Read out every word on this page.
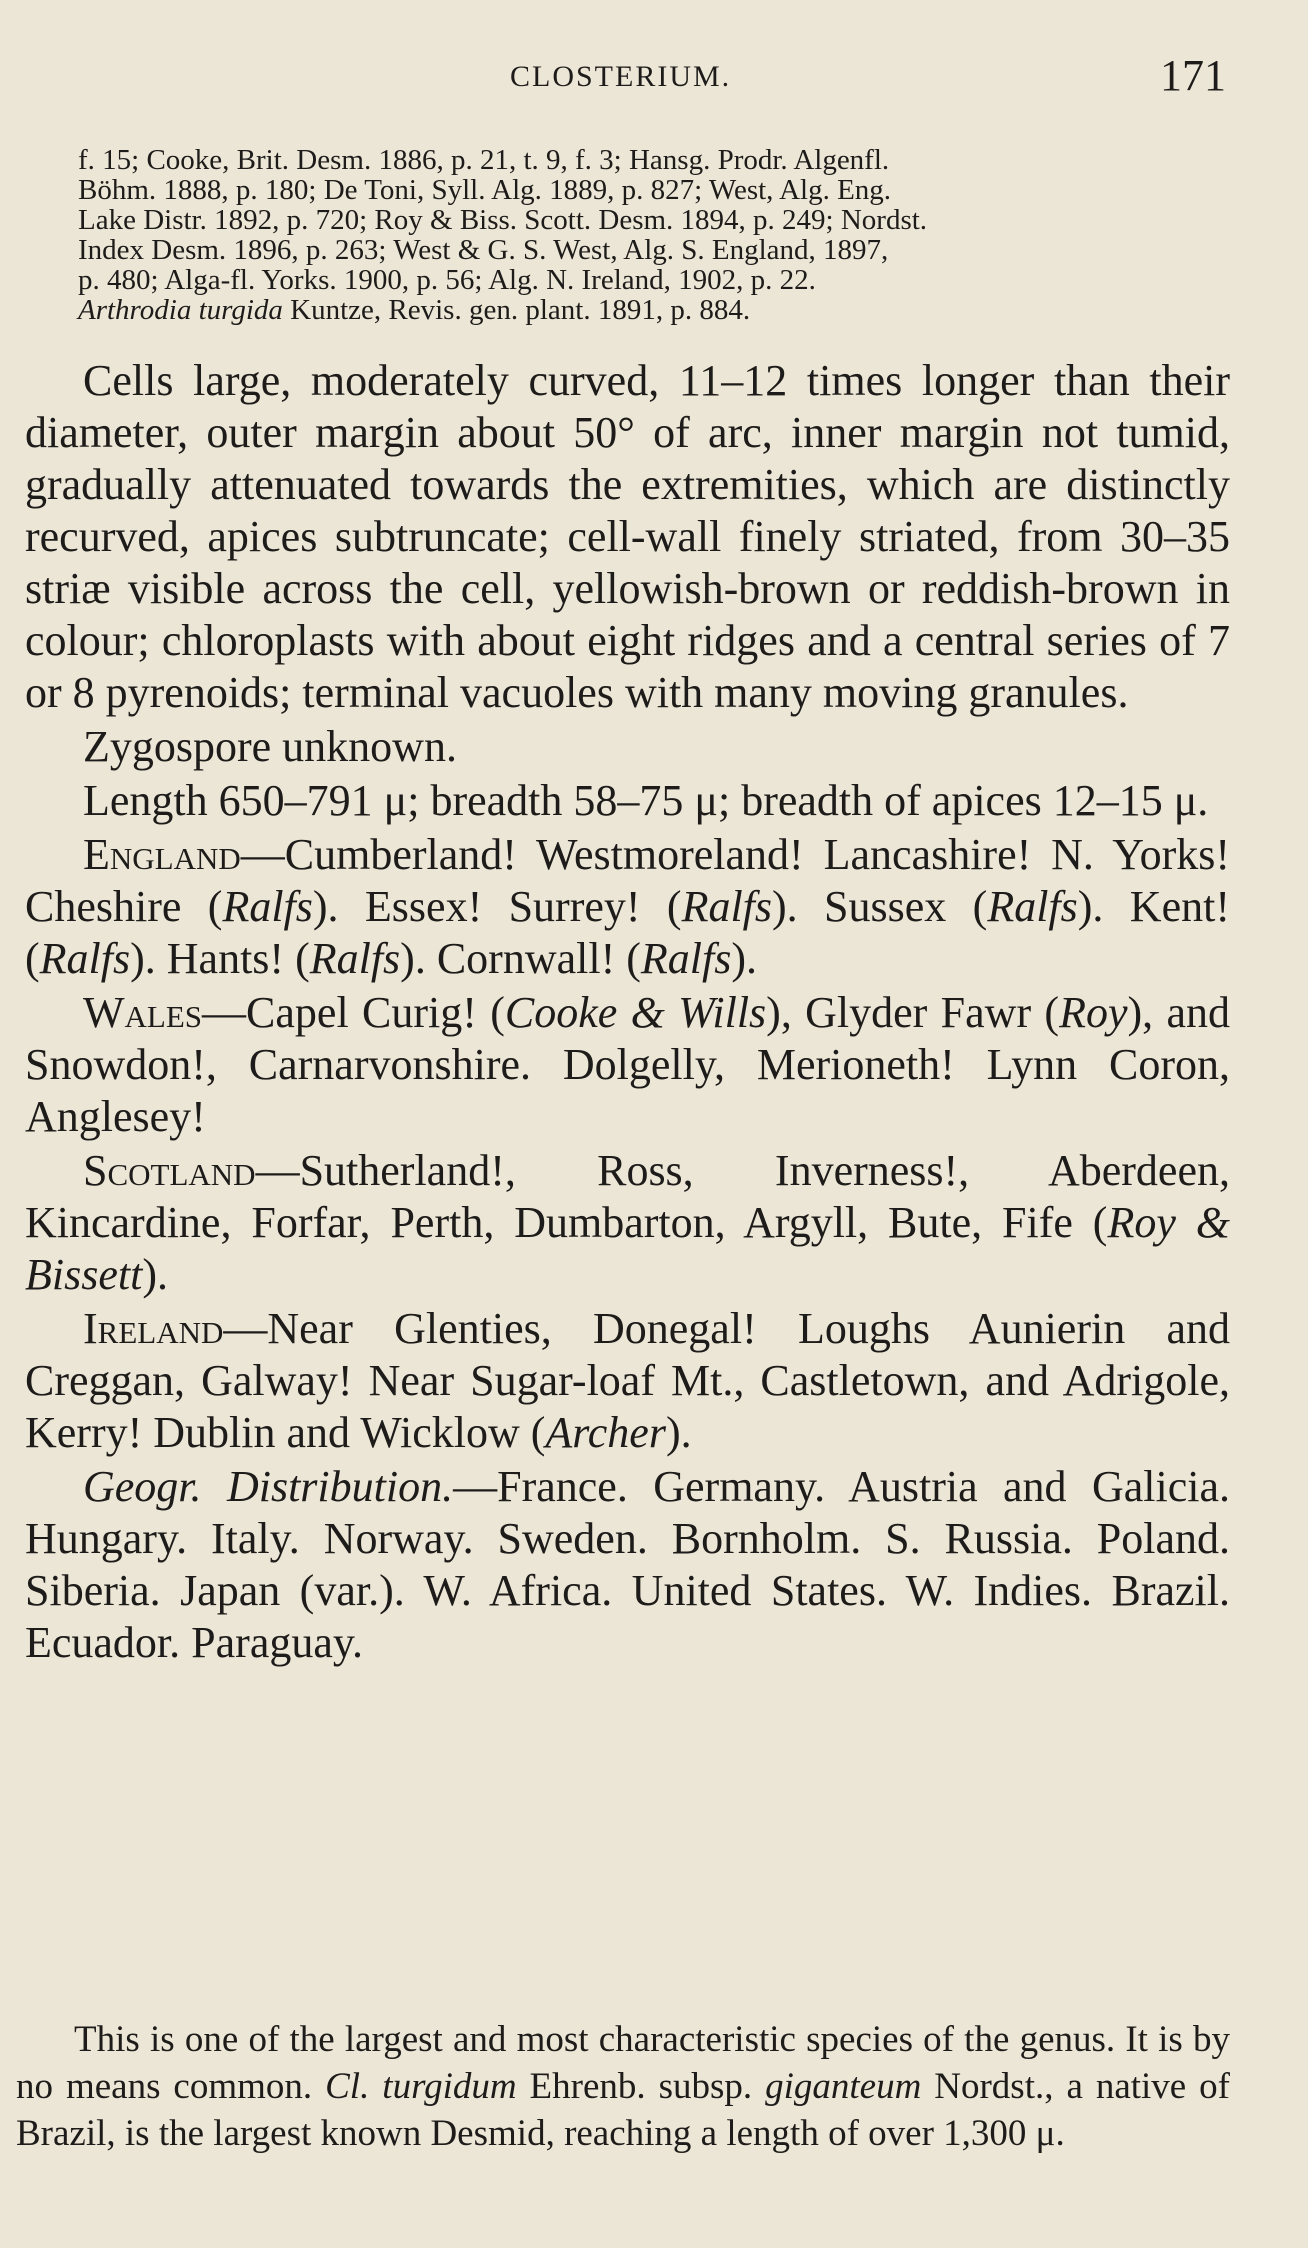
CLOSTERIUM.	171

f. 15; Cooke, Brit. Desm. 1886, p. 21, t. 9, f. 3; Hansg. Prodr. Algenfl.

Böhm. 1888, p. 180; De Toni, Syll. Alg. 1889, p. 827; West, Alg. Eng.

Lake Distr. 1892, p. 720; Roy & Biss. Scott. Desm. 1894, p. 249; Nordst.

Index Desm. 1896, p. 263; West & G. S. West, Alg. S. England, 1897,

p. 480; Alga-fl. Yorks. 1900, p. 56; Alg. N. Ireland, 1902, p. 22.

Arthrodia turgida Kuntze, Revis. gen. plant. 1891, p. 884.

Cells large, moderately curved, 11–12 times longer than their diameter, outer margin about 50° of arc, inner margin not tumid, gradually attenuated towards the extremities, which are distinctly recurved, apices subtruncate; cell-wall finely striated, from 30–35 striæ visible across the cell, yellowish-brown or reddish-brown in colour; chloroplasts with about eight ridges and a central series of 7 or 8 pyrenoids; terminal vacuoles with many moving granules.

Zygospore unknown.

Length 650–791 μ; breadth 58–75 μ; breadth of apices 12–15 μ.

England—Cumberland! Westmoreland! Lancashire! N. Yorks! Cheshire (Ralfs). Essex! Surrey! (Ralfs). Sussex (Ralfs). Kent! (Ralfs). Hants! (Ralfs). Cornwall! (Ralfs).

Wales—Capel Curig! (Cooke & Wills), Glyder Fawr (Roy), and Snowdon!, Carnarvonshire. Dolgelly, Merioneth! Lynn Coron, Anglesey!

Scotland—Sutherland!, Ross, Inverness!, Aberdeen, Kincardine, Forfar, Perth, Dumbarton, Argyll, Bute, Fife (Roy & Bissett).

Ireland—Near Glenties, Donegal! Loughs Aunierin and Creggan, Galway! Near Sugar-loaf Mt., Castletown, and Adrigole, Kerry! Dublin and Wicklow (Archer).

Geogr. Distribution.—France. Germany. Austria and Galicia. Hungary. Italy. Norway. Sweden. Bornholm. S. Russia. Poland. Siberia. Japan (var.). W. Africa. United States. W. Indies. Brazil. Ecuador. Paraguay.

This is one of the largest and most characteristic species of the genus. It is by no means common. Cl. turgidum Ehrenb. subsp. giganteum Nordst., a native of Brazil, is the largest known Desmid, reaching a length of over 1,300 μ.
